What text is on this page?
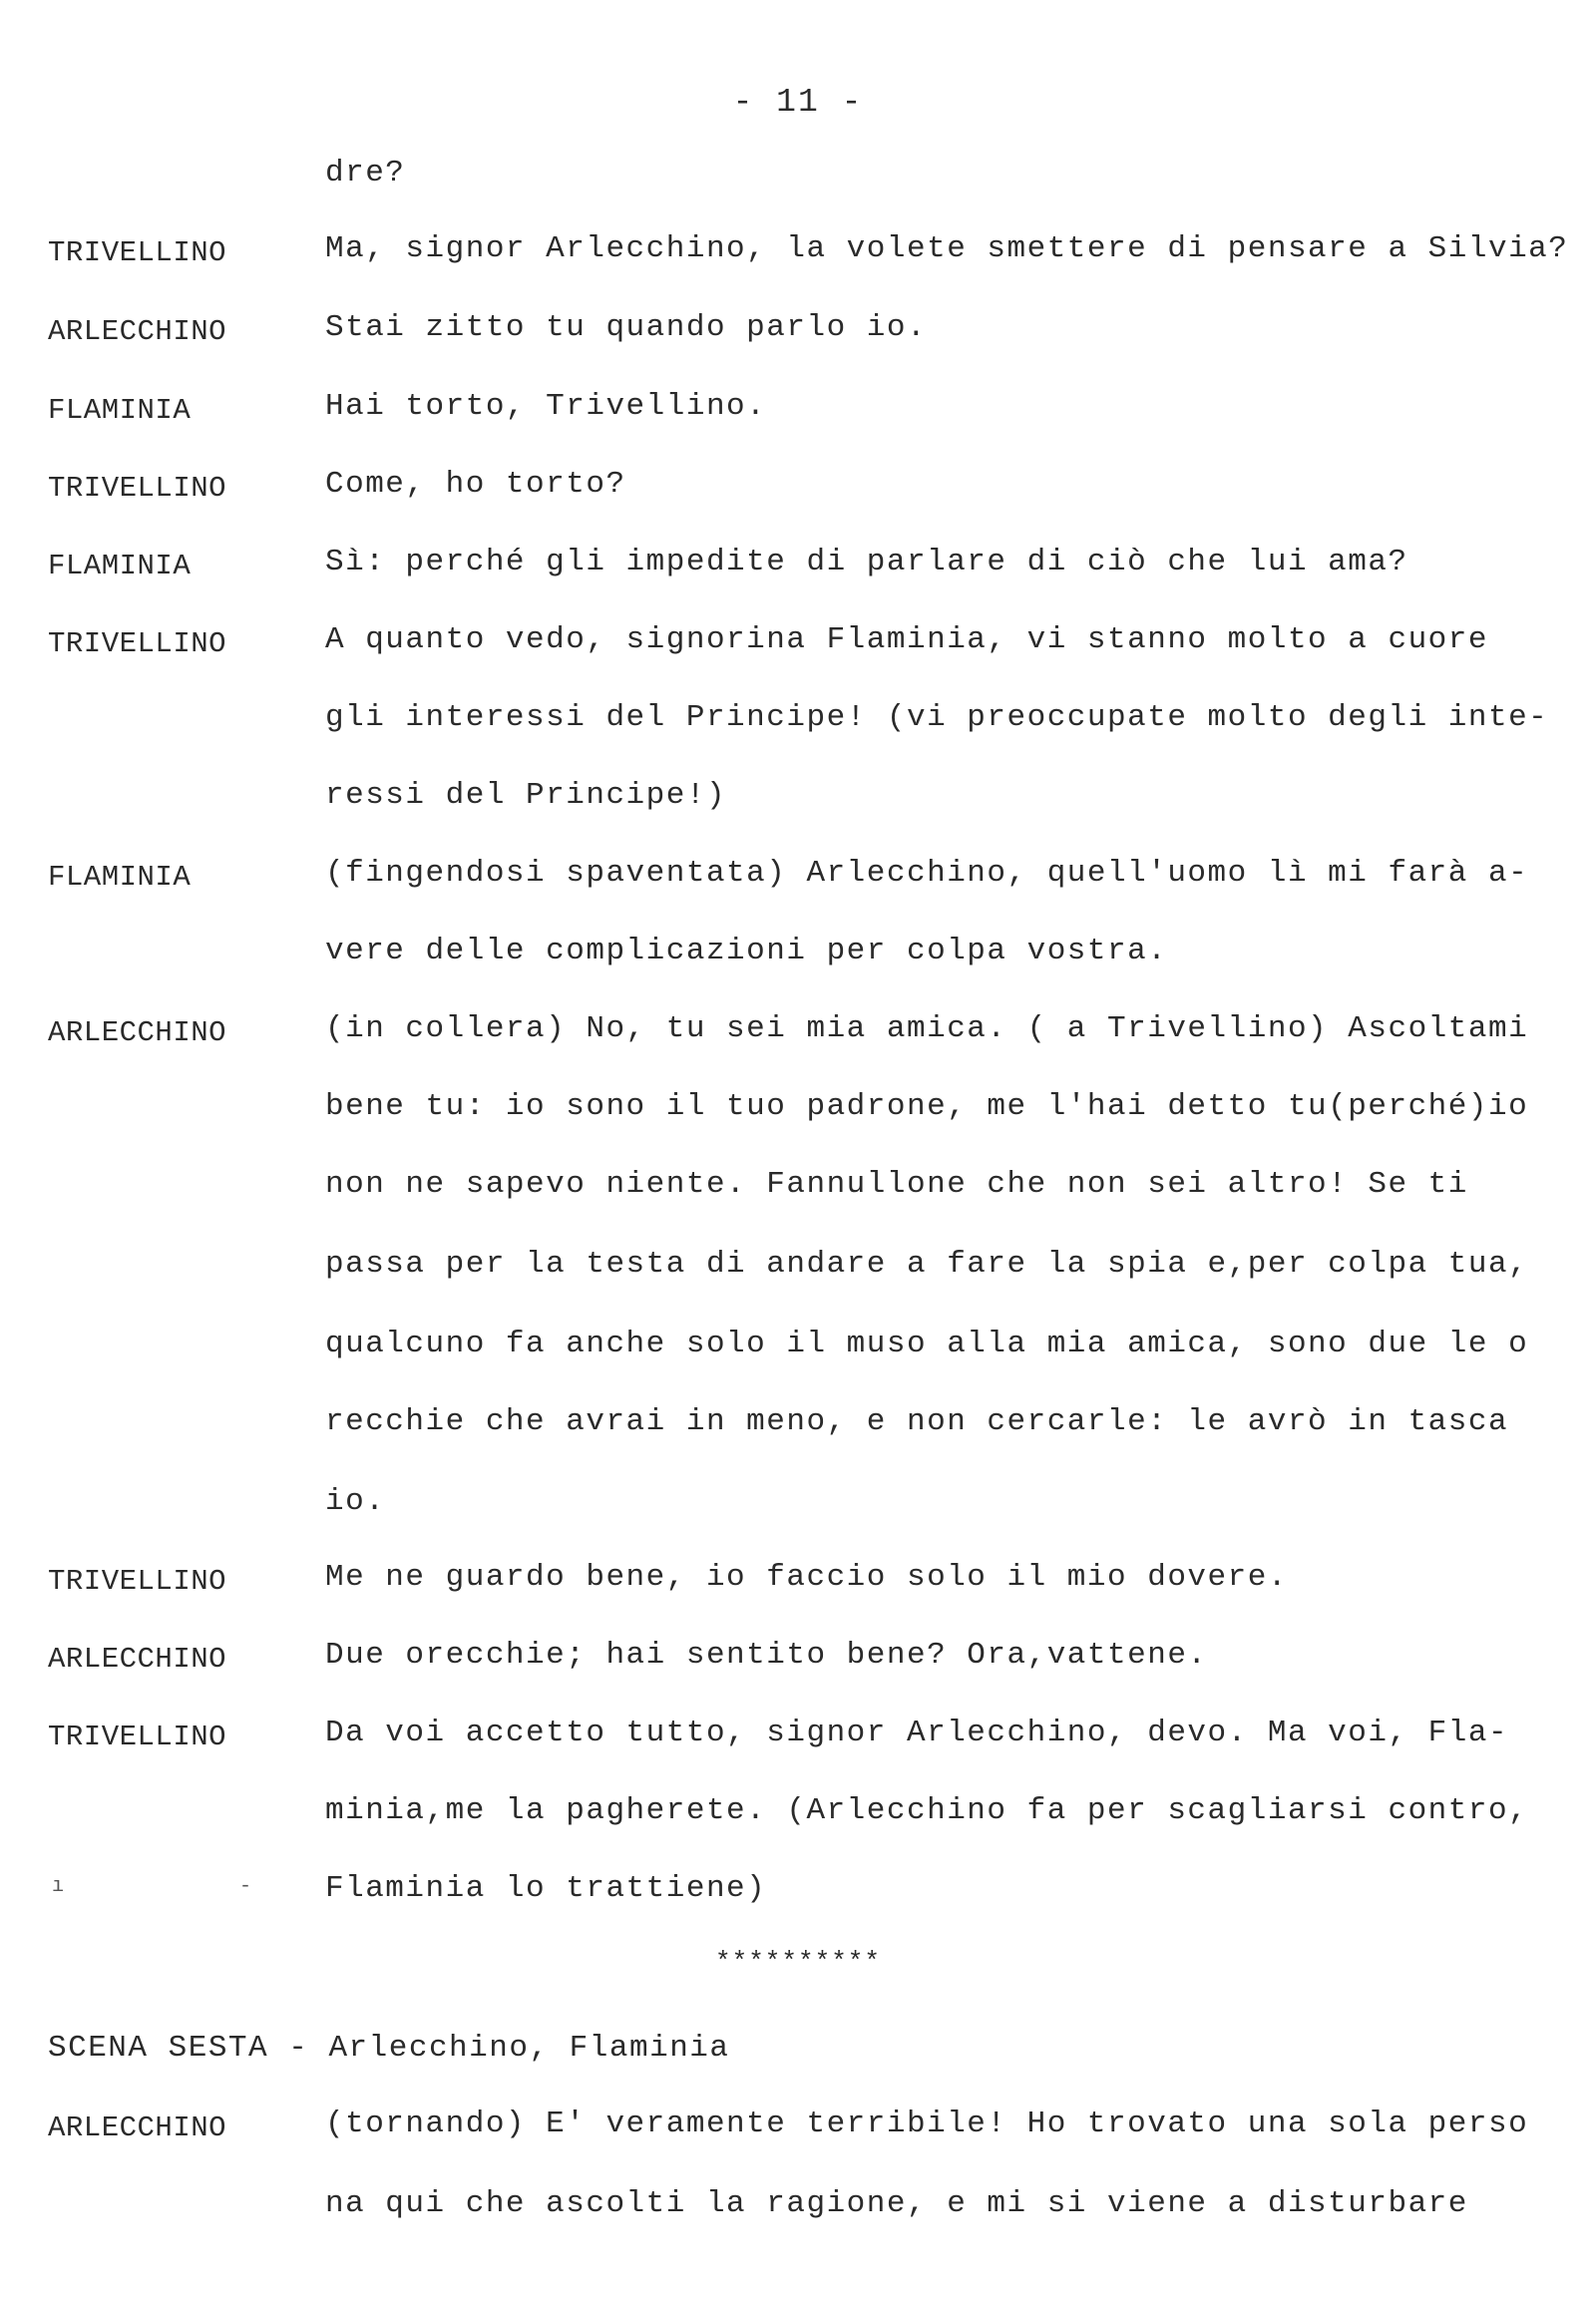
- 11 -
dre?
TRIVELLINO	Ma, signor Arlecchino, la volete smettere di pensare a Silvia?
ARLECCHINO	Stai zitto tu quando parlo io.
FLAMINIA	Hai torto, Trivellino.
TRIVELLINO	Come, ho torto?
FLAMINIA	Sì: perché gli impedite di parlare di ciò che lui ama?
TRIVELLINO	A quanto vedo, signorina Flaminia, vi stanno molto a cuore
gli interessi del Principe! (vi preoccupate molto degli inte-
ressi del Principe!)
FLAMINIA	(fingendosi spaventata) Arlecchino, quell'uomo lì mi farà a-
vere delle complicazioni per colpa vostra.
ARLECCHINO	(in collera) No, tu sei mia amica. ( a Trivellino) Ascoltami
bene tu: io sono il tuo padrone, me l'hai detto tu(perché)io
non ne sapevo niente. Fannullone che non sei altro! Se ti
passa per la testa di andare a fare la spia e,per colpa tua,
qualcuno fa anche solo il muso alla mia amica, sono due le o
recchie che avrai in meno, e non cercarle: le avrò in tasca
io.
TRIVELLINO	Me ne guardo bene, io faccio solo il mio dovere.
ARLECCHINO	Due orecchie; hai sentito bene? Ora,vattene.
TRIVELLINO	Da voi accetto tutto, signor Arlecchino, devo. Ma voi, Fla-
minia,me la pagherete. (Arlecchino fa per scagliarsi contro,
ı	- Flaminia lo trattiene)
**********
SCENA SESTA - Arlecchino, Flaminia
ARLECCHINO	(tornando) E' veramente terribile! Ho trovato una sola perso
na qui che ascolti la ragione, e mi si viene a disturbare
